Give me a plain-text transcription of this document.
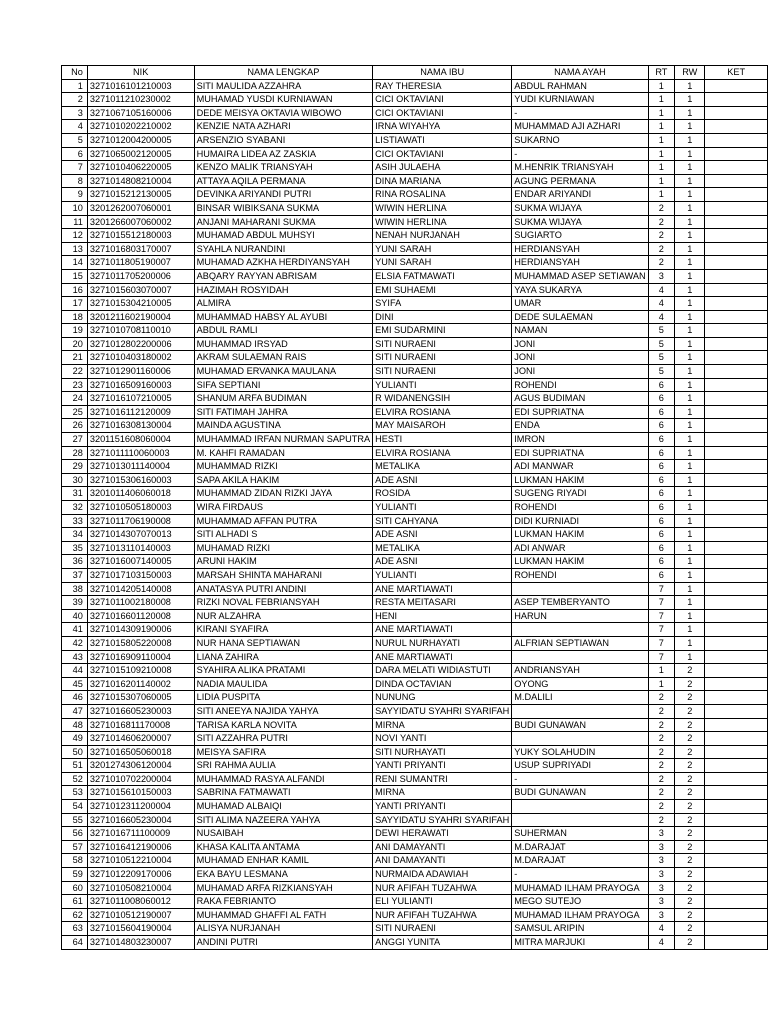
No	NIK	NAMA LENGKAP	NAMA IBU	NAMA AYAH	RT	RW	KET
1	3271016101210003	SITI MAULIDA AZZAHRA	RAY THERESIA	ABDUL RAHMAN	1	1	
2	3271011210230002	MUHAMAD YUSDI KURNIAWAN	CICI OKTAVIANI	YUDI KURNIAWAN	1	1	
3	3271067105160006	DEDE MEISYA OKTAVIA WIBOWO	CICI OKTAVIANI	-	1	1	
4	3271010202210002	KENZIE NATA AZHARI	IRNA WIYAHYA	MUHAMMAD AJI AZHARI	1	1	
5	3271012004200005	ARSENZIO SYABANI	LISTIAWATI	SUKARNO	1	1	
6	3271065002120005	HUMAIRA LIDEA AZ ZASKIA	CICI OKTAVIANI	-	1	1	
7	3271010406220005	KENZO MALIK TRIANSYAH	ASIH JULAEHA	M.HENRIK TRIANSYAH	1	1	
8	3271014808210004	ATTAYA AQILA PERMANA	DINA MARIANA	AGUNG PERMANA	1	1	
9	3271015212130005	DEVINKA ARIYANDI PUTRI	RINA ROSALINA	ENDAR ARIYANDI	1	1	
10	3201262007060001	BINSAR WIBIKSANA SUKMA	WIWIN HERLINA	SUKMA WIJAYA	2	1	
11	3201266007060002	ANJANI MAHARANI SUKMA	WIWIN HERLINA	SUKMA WIJAYA	2	1	
12	3271015512180003	MUHAMAD ABDUL MUHSYI	NENAH NURJANAH	SUGIARTO	2	1	
13	3271016803170007	SYAHLA NURANDINI	YUNI SARAH	HERDIANSYAH	2	1	
14	3271011805190007	MUHAMAD AZKHA HERDIYANSYAH	YUNI SARAH	HERDIANSYAH	2	1	
15	3271011705200006	ABQARY RAYYAN ABRISAM	ELSIA FATMAWATI	MUHAMMAD ASEP SETIAWAN	3	1	
16	3271015603070007	HAZIMAH ROSYIDAH	EMI SUHAEMI	YAYA SUKARYA	4	1	
17	3271015304210005	ALMIRA	SYIFA	UMAR	4	1	
18	3201211602190004	MUHAMMAD HABSY AL AYUBI	DINI	DEDE SULAEMAN	4	1	
19	3271010708110010	ABDUL RAMLI	EMI SUDARMINI	NAMAN	5	1	
20	3271012802200006	MUHAMMAD IRSYAD	SITI NURAENI	JONI	5	1	
21	3271010403180002	AKRAM SULAEMAN RAIS	SITI NURAENI	JONI	5	1	
22	3271012901160006	MUHAMAD ERVANKA MAULANA	SITI NURAENI	JONI	5	1	
23	3271016509160003	SIFA SEPTIANI	YULIANTI	ROHENDI	6	1	
24	3271016107210005	SHANUM ARFA BUDIMAN	R WIDANENGSIH	AGUS BUDIMAN	6	1	
25	3271016112120009	SITI FATIMAH JAHRA	ELVIRA ROSIANA	EDI SUPRIATNA	6	1	
26	3271016308130004	MAINDA AGUSTINA	MAY MAISAROH	ENDA	6	1	
27	3201151608060004	MUHAMMAD IRFAN NURMAN SAPUTRA	HESTI	IMRON	6	1	
28	3271011110060003	M. KAHFI RAMADAN	ELVIRA ROSIANA	EDI SUPRIATNA	6	1	
29	3271013011140004	MUHAMMAD RIZKI	METALIKA	ADI MANWAR	6	1	
30	3271015306160003	SAPA AKILA HAKIM	ADE ASNI	LUKMAN HAKIM	6	1	
31	3201011406060018	MUHAMMAD ZIDAN RIZKI JAYA	ROSIDA	SUGENG RIYADI	6	1	
32	3271010505180003	WIRA FIRDAUS	YULIANTI	ROHENDI	6	1	
33	3271011706190008	MUHAMMAD AFFAN PUTRA	SITI CAHYANA	DIDI KURNIADI	6	1	
34	3271014307070013	SITI ALHADI S	ADE ASNI	LUKMAN HAKIM	6	1	
35	3271013110140003	MUHAMAD RIZKI	METALIKA	ADI ANWAR	6	1	
36	3271016007140005	ARUNI HAKIM	ADE ASNI	LUKMAN HAKIM	6	1	
37	3271017103150003	MARSAH SHINTA MAHARANI	YULIANTI	ROHENDI	6	1	
38	3271014205140008	ANATASYA PUTRI ANDINI	ANE MARTIAWATI		7	1	
39	3271011002180008	RIZKI NOVAL FEBRIANSYAH	RESTA MEITASARI	ASEP TEMBERYANTO	7	1	
40	3271016601120008	NUR ALZAHRA	HENI	HARUN	7	1	
41	3271014309190006	KIRANI SYAFIRA	ANE MARTIAWATI		7	1	
42	3271015805220008	NUR HANA SEPTIAWAN	NURUL NURHAYATI	ALFRIAN SEPTIAWAN	7	1	
43	3271016909110004	LIANA ZAHIRA	ANE MARTIAWATI		7	1	
44	3271015109210008	SYAHIRA ALIKA PRATAMI	DARA MELATI WIDIASTUTI	ANDRIANSYAH	1	2	
45	3271016201140002	NADIA MAULIDA	DINDA OCTAVIAN	OYONG	1	2	
46	3271015307060005	LIDIA PUSPITA	NUNUNG	M.DALILI	2	2	
47	3271016605230003	SITI ANEEYA NAJIDA YAHYA	SAYYIDATU SYAHRI SYARIFAH		2	2	
48	3271016811170008	TARISA KARLA NOVITA	MIRNA	BUDI GUNAWAN	2	2	
49	3271014606200007	SITI AZZAHRA PUTRI	NOVI YANTI		2	2	
50	3271016505060018	MEISYA SAFIRA	SITI NURHAYATI	YUKY SOLAHUDIN	2	2	
51	3201274306120004	SRI RAHMA AULIA	YANTI PRIYANTI	USUP SUPRIYADI	2	2	
52	3271010702200004	MUHAMMAD RASYA ALFANDI	RENI SUMANTRI	-	2	2	
53	3271015610150003	SABRINA FATMAWATI	MIRNA	BUDI GUNAWAN	2	2	
54	3271012311200004	MUHAMAD ALBAIQI	YANTI PRIYANTI		2	2	
55	3271016605230004	SITI ALIMA NAZEERA YAHYA	SAYYIDATU SYAHRI SYARIFAH		2	2	
56	3271016711100009	NUSAIBAH	DEWI HERAWATI	SUHERMAN	3	2	
57	3271016412190006	KHASA KALITA ANTAMA	ANI DAMAYANTI	M.DARAJAT	3	2	
58	3271010512210004	MUHAMAD ENHAR KAMIL	ANI DAMAYANTI	M.DARAJAT	3	2	
59	3271012209170006	EKA BAYU LESMANA	NURMAIDA ADAWIAH	-	3	2	
60	3271010508210004	MUHAMAD ARFA RIZKIANSYAH	NUR AFIFAH TUZAHWA	MUHAMAD ILHAM PRAYOGA	3	2	
61	3271011008060012	RAKA FEBRIANTO	ELI YULIANTI	MEGO SUTEJO	3	2	
62	3271010512190007	MUHAMMAD GHAFFI AL FATH	NUR AFIFAH TUZAHWA	MUHAMAD ILHAM PRAYOGA	3	2	
63	3271015604190004	ALISYA NURJANAH	SITI NURAENI	SAMSUL ARIPIN	4	2	
64	3271014803230007	ANDINI PUTRI	ANGGI YUNITA	MITRA MARJUKI	4	2	
